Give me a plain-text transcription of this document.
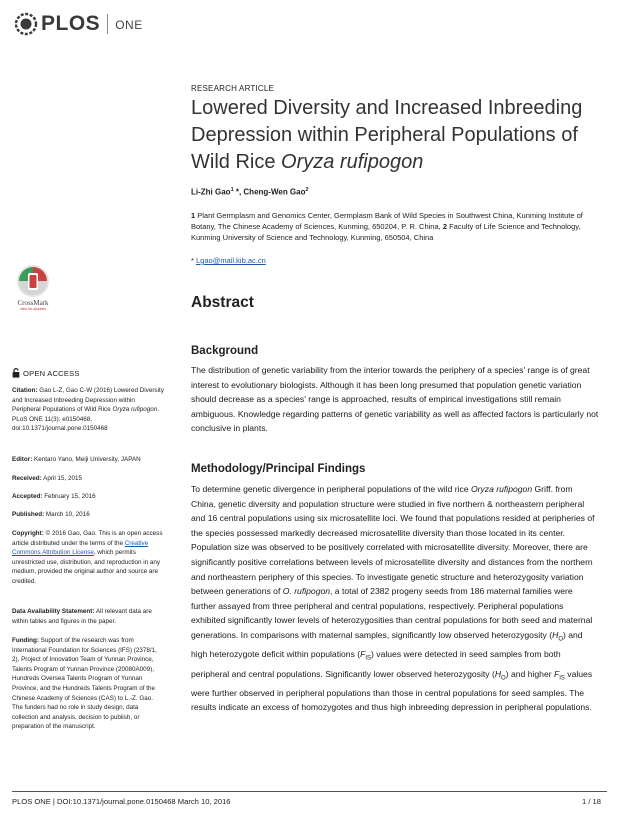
PLOS ONE
RESEARCH ARTICLE
Lowered Diversity and Increased Inbreeding Depression within Peripheral Populations of Wild Rice Oryza rufipogon
Li-Zhi Gao$^1$ *, Cheng-Wen Gao$^2$
1 Plant Germplasm and Genomics Center, Germplasm Bank of Wild Species in Southwest China, Kunming Institute of Botany, The Chinese Academy of Sciences, Kunming, 650204, P. R. China, 2 Faculty of Life Science and Technology, Kunming University of Science and Technology, Kunming, 650504, China
* Lgao@mail.kib.ac.cn
CrossMark
click for updates	Abstract
Background

The distribution of genetic variability from the interior towards the periphery of a species' range is of great interest to evolutionary biologists. Although it has been long presumed that population genetic variation should decrease as a species' range is approached, results of empirical investigations still remain ambiguous. Knowledge regarding patterns of genetic variability as well as affected factors is particularly not conclusive in plants.

Methodology/Principal Findings

To determine genetic divergence in peripheral populations of the wild rice Oryza rufipogon Griff. from China, genetic diversity and population structure were studied in five northern & northeastern peripheral and 16 central populations using six microsatellite loci. We found that populations resided at peripheries of the species possessed markedly decreased microsatellite diversity than those located in its center. Population size was observed to be positively correlated with microsatellite diversity. Moreover, there are significantly positive correlations between levels of microsatellite diversity and distances from the northern and northeastern periphery of this species. To investigate genetic structure and heterozygosity variation between generations of O. rufipogon, a total of 2382 progeny seeds from 186 maternal families were further assayed from three peripheral and central populations, respectively. Peripheral populations exhibited significantly lower levels of heterozygosities than central populations for both seed and maternal generations. In comparisons with maternal samples, significantly low observed heterozygosity $(H_O)$ and high heterozygote deficit within populations $(F_{IS})$ values were detected in seed samples from both peripheral and central populations. Significantly lower observed heterozygosity $(H_O)$ and higher $F_{IS}$ values were further observed in peripheral populations than those in central populations for seed samples. The results indicate an excess of homozygotes and thus high inbreeding depression in peripheral populations.

OPEN ACCESS
Citation: Gao L-Z, Gao C-W (2016) Lowered Diversity and Increased Inbreeding Depression within Peripheral Populations of Wild Rice Oryza rufipogon. PLoS ONE 11(3): e0150468. doi:10.1371/journal.pone.0150468
Editor: Kentaro Yano, Meiji University, JAPAN
Received: April 15, 2015
Accepted: February 15, 2016
Published: March 10, 2016
Copyright: © 2016 Gao, Gao. This is an open access article distributed under the terms of the Creative Commons Attribution License, which permits unrestricted use, distribution, and reproduction in any medium, provided the original author and source are credited.
Data Availability Statement: All relevant data are within tables and figures in the paper.
Funding: Support of the research was from International Foundation for Sciences (IFS) (2378/1, 2), Project of Innovation Team of Yunnan Province, Talents Program of Yunnan Province (20080A009), Hundreds Oversea Talents Program of Yunnan Province, and the Hundreds Talents Program of the Chinese Academy of Sciences (CAS) to L.-Z. Gao. The funders had no role in study design, data collection and analysis, decision to publish, or preparation of the manuscript.
PLOS ONE | DOI:10.1371/journal.pone.0150468 March 10, 2016	1 / 18
